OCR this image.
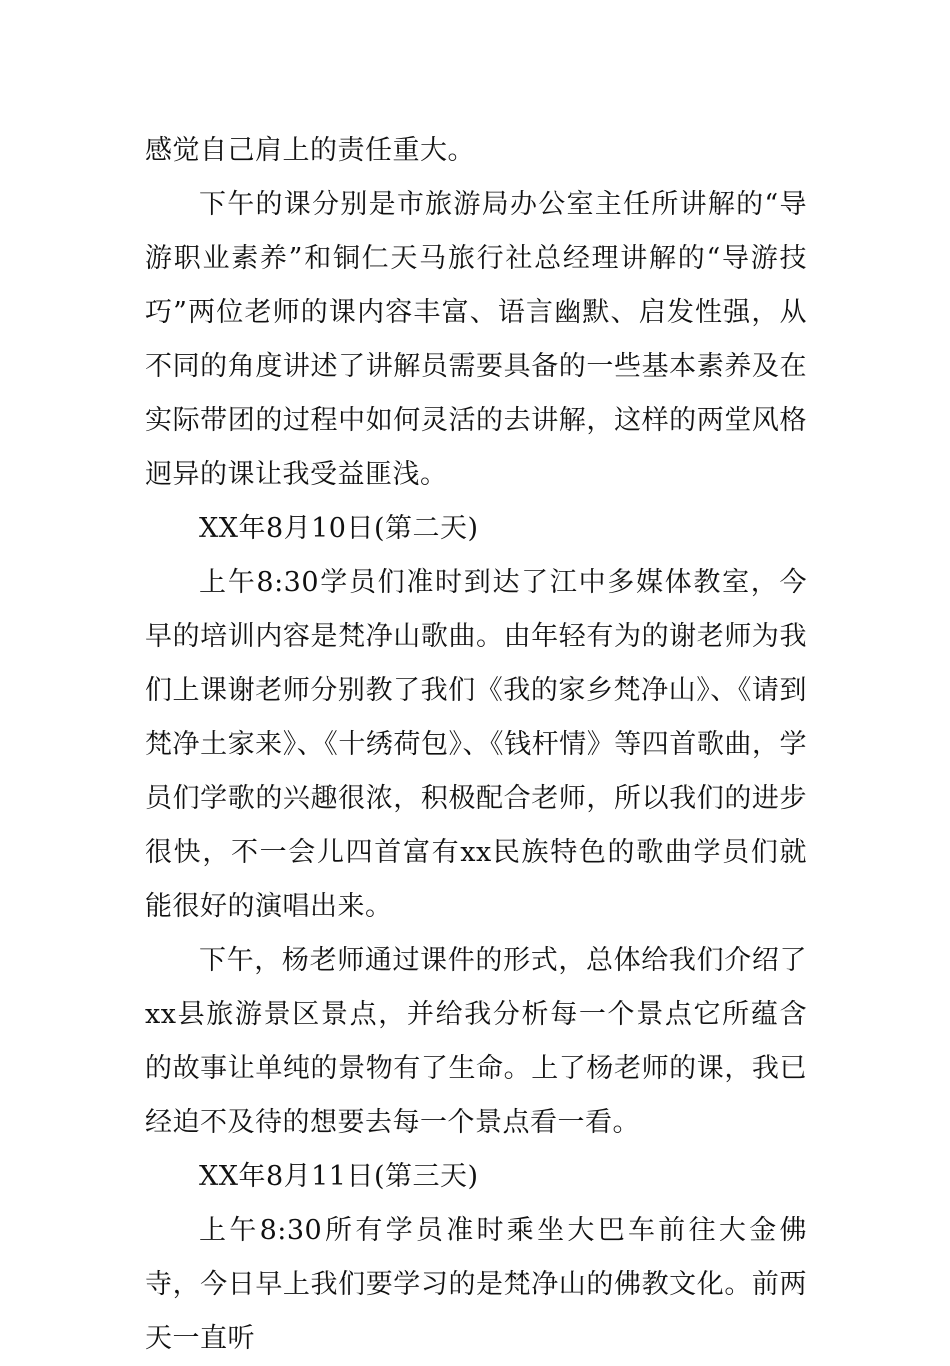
感觉自己肩上的责任重大。

下午的课分别是市旅游局办公室主任所讲解的“导游职业素养”和铜仁天马旅行社总经理讲解的“导游技巧”两位老师的课内容丰富、语言幽默、启发性强，从不同的角度讲述了讲解员需要具备的一些基本素养及在实际带团的过程中如何灵活的去讲解，这样的两堂风格迥异的课让我受益匪浅。

XX年8月10日(第二天)

上午8:30学员们准时到达了江中多媒体教室，今早的培训内容是梵净山歌曲。由年轻有为的谢老师为我们上课谢老师分别教了我们《我的家乡梵净山》、《请到梵净土家来》、《十绣荷包》、《钱杆情》等四首歌曲，学员们学歌的兴趣很浓，积极配合老师，所以我们的进步很快，不一会儿四首富有xx民族特色的歌曲学员们就能很好的演唱出来。

下午，杨老师通过课件的形式，总体给我们介绍了xx县旅游景区景点，并给我分析每一个景点它所蕴含的故事让单纯的景物有了生命。上了杨老师的课，我已经迫不及待的想要去每一个景点看一看。

XX年8月11日(第三天)

上午8:30所有学员准时乘坐大巴车前往大金佛寺，今日早上我们要学习的是梵净山的佛教文化。前两天一直听
